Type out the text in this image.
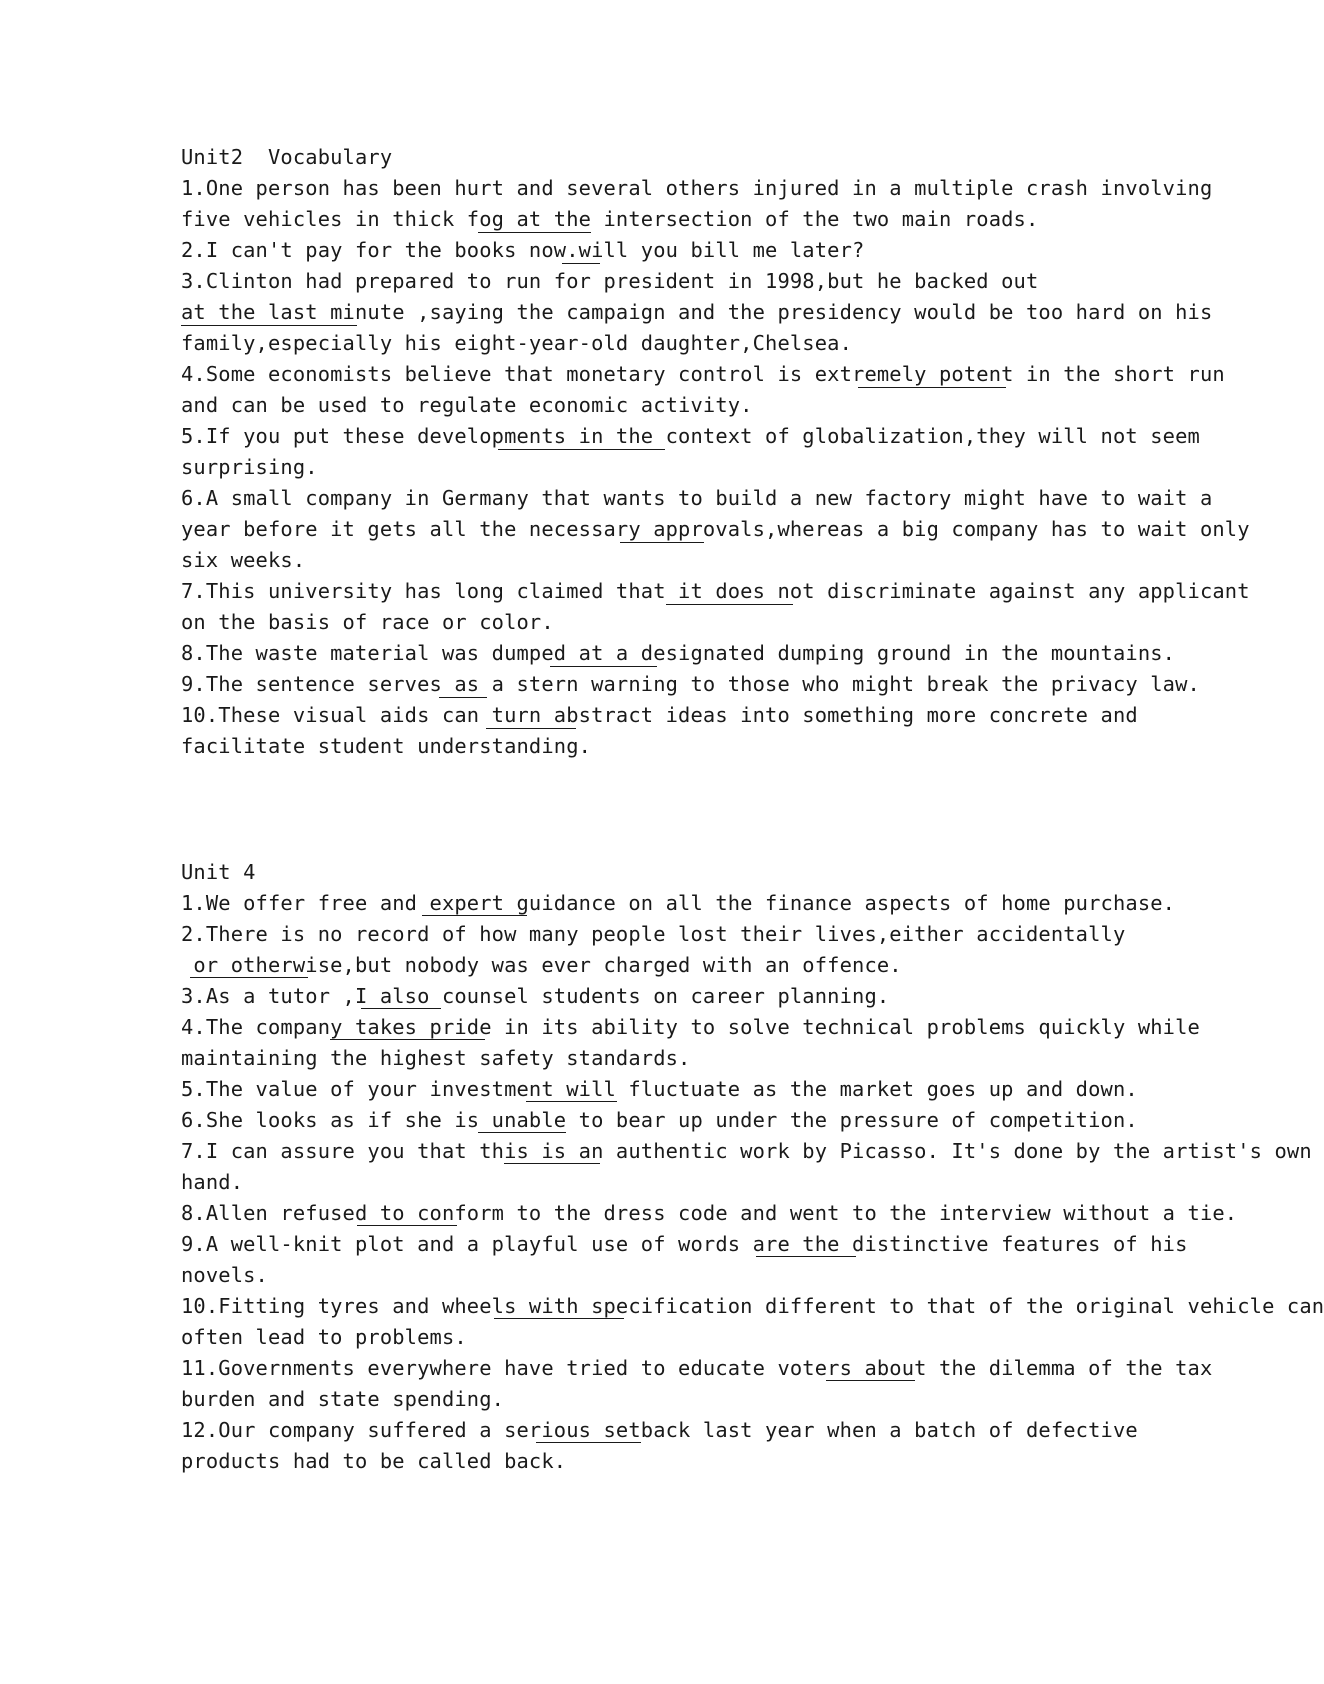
Unit2  Vocabulary
1.One person has been hurt and several others injured in a multiple crash involving
five vehicles in thick fog at the intersection of the two main roads.
2.I can't pay for the books now.will you bill me later?
3.Clinton had prepared to run for president in 1998,but he backed out
at the last minute ,saying the campaign and the presidency would be too hard on his
family,especially his eight-year-old daughter,Chelsea.
4.Some economists believe that monetary control is extremely potent in the short run
and can be used to regulate economic activity.
5.If you put these developments in the context of globalization,they will not seem
surprising.
6.A small company in Germany that wants to build a new factory might have to wait a
year before it gets all the necessary approvals,whereas a big company has to wait only
six weeks.
7.This university has long claimed that it does not discriminate against any applicant
on the basis of race or color.
8.The waste material was dumped at a designated dumping ground in the mountains.
9.The sentence serves as a stern warning to those who might break the privacy law.
10.These visual aids can turn abstract ideas into something more concrete and
facilitate student understanding.
Unit 4
1.We offer free and expert guidance on all the finance aspects of home purchase.
2.There is no record of how many people lost their lives,either accidentally
or otherwise,but nobody was ever charged with an offence.
3.As a tutor ,I also counsel students on career planning.
4.The company takes pride in its ability to solve technical problems quickly while
maintaining the highest safety standards.
5.The value of your investment will fluctuate as the market goes up and down.
6.She looks as if she is unable to bear up under the pressure of competition.
7.I can assure you that this is an authentic work by Picasso. It's done by the artist's own
hand.
8.Allen refused to conform to the dress code and went to the interview without a tie.
9.A well-knit plot and a playful use of words are the distinctive features of his
novels.
10.Fitting tyres and wheels with specification different to that of the original vehicle can
often lead to problems.
11.Governments everywhere have tried to educate voters about the dilemma of the tax
burden and state spending.
12.Our company suffered a serious setback last year when a batch of defective
products had to be called back.
